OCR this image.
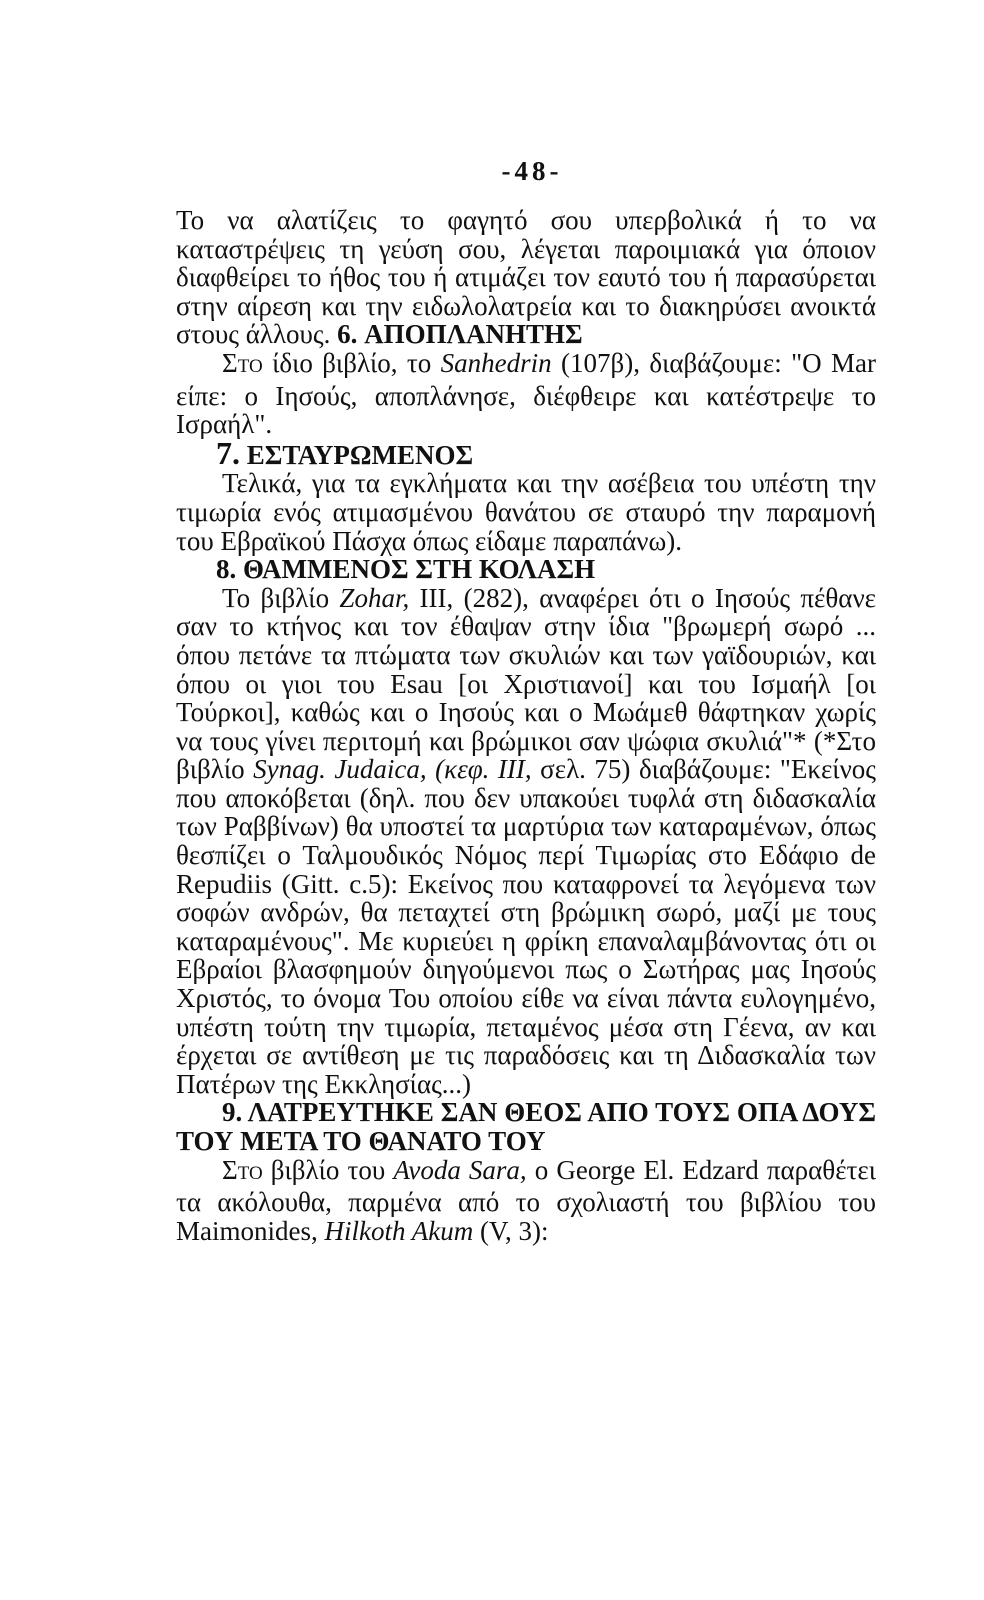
-48-

Το να αλατίζεις το φαγητό σου υπερβολικά ή το να καταστρέψεις τη γεύση σου, λέγεται παροιμιακά για όποιον διαφθείρει το ήθος του ή ατιμάζει τον εαυτό του ή παρασύρεται στην αίρεση και την ειδωλολατρεία και το διακηρύσει ανοικτά στους άλλους. 6. ΑΠΟΠΛΑΝΗΤΗΣ

ΣΤΟ ίδιο βιβλίο, το Sanhedrin (107β), διαβάζουμε: "Ο Mar είπε: ο Ιησούς, αποπλάνησε, διέφθειρε και κατέστρεψε το Ισραήλ".

7. ΕΣΤΑΥΡΩΜΕΝΟΣ

Τελικά, για τα εγκλήματα και την ασέβεια του υπέστη την τιμωρία ενός ατιμασμένου θανάτου σε σταυρό την παραμονή του Εβραϊκού Πάσχα όπως είδαμε παραπάνω).

8. ΘΑΜΜΕΝΟΣ ΣΤΗ ΚΟΛΑΣΗ

Το βιβλίο Zohar, III, (282), αναφέρει ότι ο Ιησούς πέθανε σαν το κτήνος και τον έθαψαν στην ίδια "βρωμερή σωρό ... όπου πετάνε τα πτώματα των σκυλιών και των γαϊδουριών, και όπου οι γιοι του Esau [οι Χριστιανοί] και του Ισμαήλ [οι Τούρκοι], καθώς και ο Ιησούς και ο Μωάμεθ θάφτηκαν χωρίς να τους γίνει περιτομή και βρώμικοι σαν ψώφια σκυλιά"* (*Στο βιβλίο Synag. Judaica, (κεφ. III, σελ. 75) διαβάζουμε: "Εκείνος που αποκόβεται (δηλ. που δεν υπακούει τυφλά στη διδασκαλία των Ραββίνων) θα υποστεί τα μαρτύρια των καταραμένων, όπως θεσπίζει ο Ταλμουδικός Νόμος περί Τιμωρίας στο Εδάφιο de Repudiis (Gitt. c.5): Εκείνος που καταφρονεί τα λεγόμενα των σοφών ανδρών, θα πεταχτεί στη βρώμικη σωρό, μαζί με τους καταραμένους". Με κυριεύει η φρίκη επαναλαμβάνοντας ότι οι Εβραίοι βλασφημούν διηγούμενοι πως ο Σωτήρας μας Ιησούς Χριστός, το όνομα Του οποίου είθε να είναι πάντα ευλογημένο, υπέστη τούτη την τιμωρία, πεταμένος μέσα στη Γέενα, αν και έρχεται σε αντίθεση με τις παραδόσεις και τη Διδασκαλία των Πατέρων της Εκκλησίας...)

9. ΛΑΤΡΕΥΤΗΚΕ ΣΑΝ ΘΕΟΣ ΑΠΟ ΤΟΥΣ ΟΠΑ ΔΟΥΣ ΤΟΥ ΜΕΤΑ ΤΟ ΘΑΝΑΤΟ ΤΟΥ

ΣΤΟ βιβλίο του Avoda Sara, ο George El. Edzard παραθέτει τα ακόλουθα, παρμένα από το σχολιαστή του βιβλίου του Maimonides, Hilkoth Akum (V, 3):
